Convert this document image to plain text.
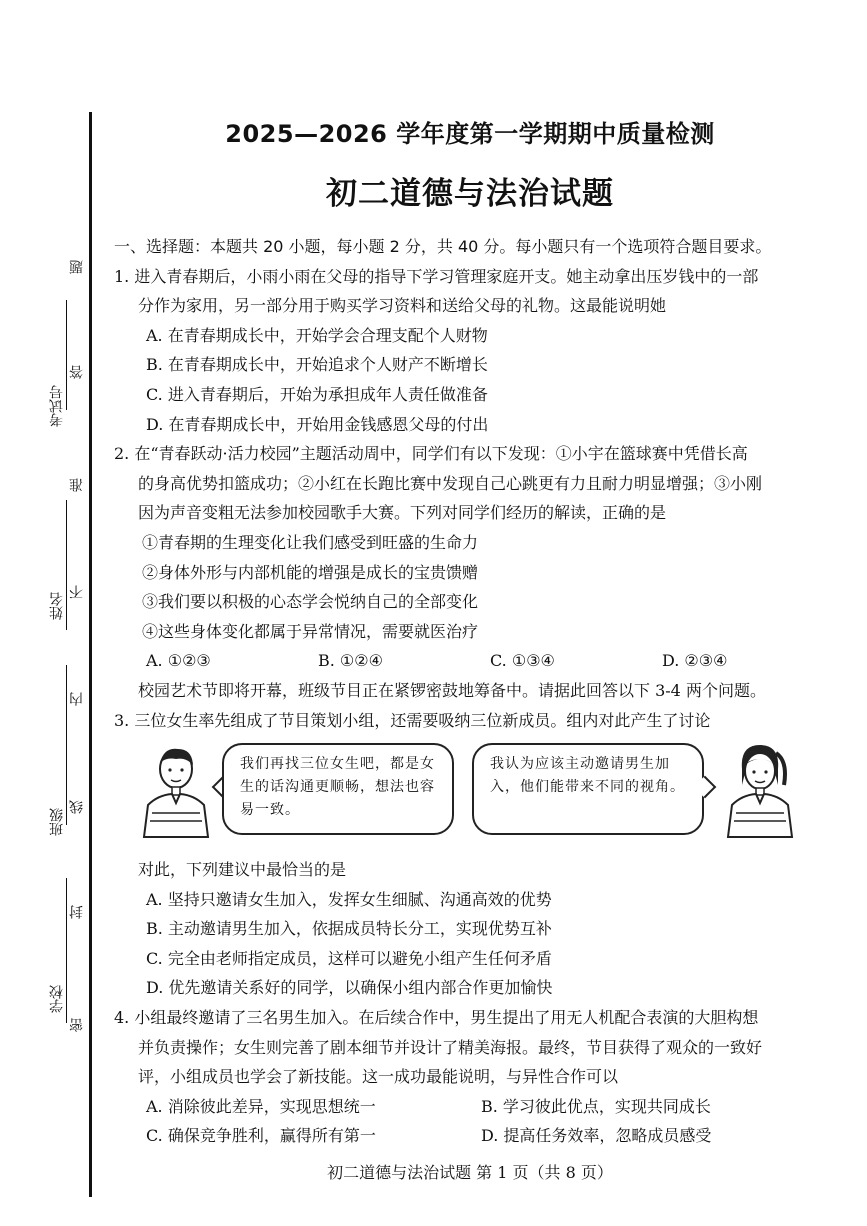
考试号
姓名
班级
学校
题
答
准
不
内
线
封
密
2025—2026 学年度第一学期期中质量检测
初二道德与法治试题
一、选择题：本题共 20 小题，每小题 2 分，共 40 分。每小题只有一个选项符合题目要求。
1. 进入青春期后，小雨小雨在父母的指导下学习管理家庭开支。她主动拿出压岁钱中的一部
分作为家用，另一部分用于购买学习资料和送给父母的礼物。这最能说明她
A. 在青春期成长中，开始学会合理支配个人财物
B. 在青春期成长中，开始追求个人财产不断增长
C. 进入青春期后，开始为承担成年人责任做准备
D. 在青春期成长中，开始用金钱感恩父母的付出
2. 在“青春跃动·活力校园”主题活动周中，同学们有以下发现：①小宇在篮球赛中凭借长高
的身高优势扣篮成功；②小红在长跑比赛中发现自己心跳更有力且耐力明显增强；③小刚
因为声音变粗无法参加校园歌手大赛。下列对同学们经历的解读，正确的是
①青春期的生理变化让我们感受到旺盛的生命力
②身体外形与内部机能的增强是成长的宝贵馈赠
③我们要以积极的心态学会悦纳自己的全部变化
④这些身体变化都属于异常情况，需要就医治疗
A. ①②③	B. ①②④	C. ①③④	D. ②③④
校园艺术节即将开幕，班级节目正在紧锣密鼓地筹备中。请据此回答以下 3-4 两个问题。
3. 三位女生率先组成了节目策划小组，还需要吸纳三位新成员。组内对此产生了讨论
我们再找三位女生吧，都是女生的话沟通更顺畅，想法也容易一致。
我认为应该主动邀请男生加入，他们能带来不同的视角。
对此，下列建议中最恰当的是
A. 坚持只邀请女生加入，发挥女生细腻、沟通高效的优势
B. 主动邀请男生加入，依据成员特长分工，实现优势互补
C. 完全由老师指定成员，这样可以避免小组产生任何矛盾
D. 优先邀请关系好的同学，以确保小组内部合作更加愉快
4. 小组最终邀请了三名男生加入。在后续合作中，男生提出了用无人机配合表演的大胆构想
并负责操作；女生则完善了剧本细节并设计了精美海报。最终，节目获得了观众的一致好
评，小组成员也学会了新技能。这一成功最能说明，与异性合作可以
A. 消除彼此差异，实现思想统一	B. 学习彼此优点，实现共同成长
C. 确保竞争胜利，赢得所有第一	D. 提高任务效率，忽略成员感受
初二道德与法治试题 第 1 页（共 8 页）
